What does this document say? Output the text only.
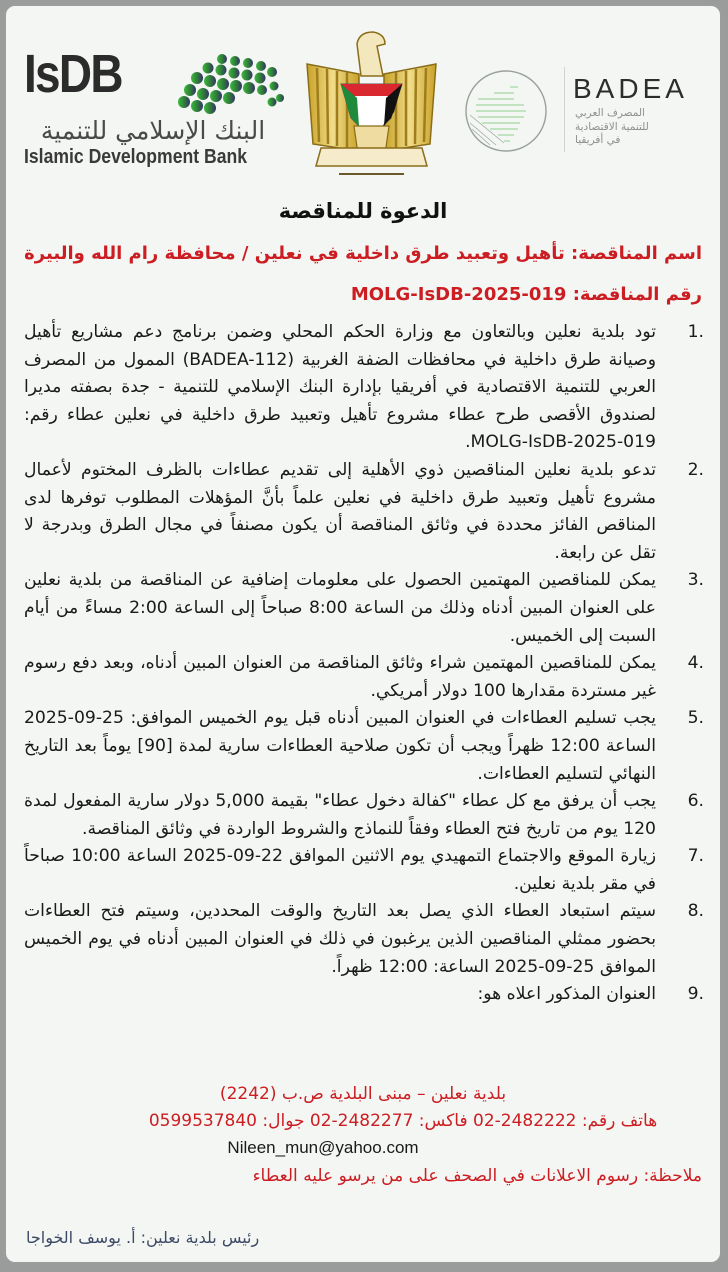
IsDB
البنك الإسلامي للتنمية
Islamic Development Bank
BADEA
المصرف العربي
للتنمية الاقتصادية
في أفريقيا
الدعوة للمناقصة
اسم المناقصة: تأهيل وتعبيد طرق داخلية في نعلين / محافظة رام الله والبيرة
رقم المناقصة: MOLG-IsDB-2025-019
1.
تود بلدية نعلين وبالتعاون مع وزارة الحكم المحلي وضمن برنامج دعم مشاريع تأهيل وصيانة طرق داخلية في محافظات الضفة الغربية (BADEA-112) الممول من المصرف العربي للتنمية الاقتصادية في أفريقيا بإدارة البنك الإسلامي للتنمية - جدة بصفته مديرا لصندوق الأقصى طرح عطاء مشروع تأهيل وتعبيد طرق داخلية في نعلين عطاء رقم: MOLG-IsDB-2025-019.
2.
تدعو بلدية نعلين المناقصين ذوي الأهلية إلى تقديم عطاءات بالظرف المختوم لأعمال مشروع تأهيل وتعبيد طرق داخلية في نعلين علماً بأنَّ المؤهلات المطلوب توفرها لدى المناقص الفائز محددة في وثائق المناقصة أن يكون مصنفاً في مجال الطرق وبدرجة لا تقل عن رابعة.
3.
يمكن للمناقصين المهتمين الحصول على معلومات إضافية عن المناقصة من بلدية نعلين على العنوان المبين أدناه وذلك من الساعة 8:00 صباحاً إلى الساعة 2:00 مساءً من أيام السبت إلى الخميس.
4.
يمكن للمناقصين المهتمين شراء وثائق المناقصة من العنوان المبين أدناه، وبعد دفع رسوم غير مستردة مقدارها 100 دولار أمريكي.
5.
يجب تسليم العطاءات في العنوان المبين أدناه قبل يوم الخميس الموافق: 25-09-2025 الساعة 12:00 ظهراً ويجب أن تكون صلاحية العطاءات سارية لمدة [90] يوماً بعد التاريخ النهائي لتسليم العطاءات.
6.
يجب أن يرفق مع كل عطاء "كفالة دخول عطاء" بقيمة 5,000 دولار سارية المفعول لمدة 120 يوم من تاريخ فتح العطاء وفقاً للنماذج والشروط الواردة في وثائق المناقصة.
7.
زيارة الموقع والاجتماع التمهيدي يوم الاثنين الموافق 22-09-2025 الساعة 10:00 صباحاً في مقر بلدية نعلين.
8.
سيتم استبعاد العطاء الذي يصل بعد التاريخ والوقت المحددين، وسيتم فتح العطاءات بحضور ممثلي المناقصين الذين يرغبون في ذلك في العنوان المبين أدناه في يوم الخميس الموافق 25-09-2025 الساعة: 12:00 ظهراً.
9.
العنوان المذكور اعلاه هو:
بلدية نعلين – مبنى البلدية ص.ب (2242)
هاتف رقم: 2482222-02 فاكس: 2482277-02 جوال: 0599537840
Nileen_mun@yahoo.com
ملاحظة: رسوم الاعلانات في الصحف على من يرسو عليه العطاء
رئيس بلدية نعلين: أ. يوسف الخواجا
